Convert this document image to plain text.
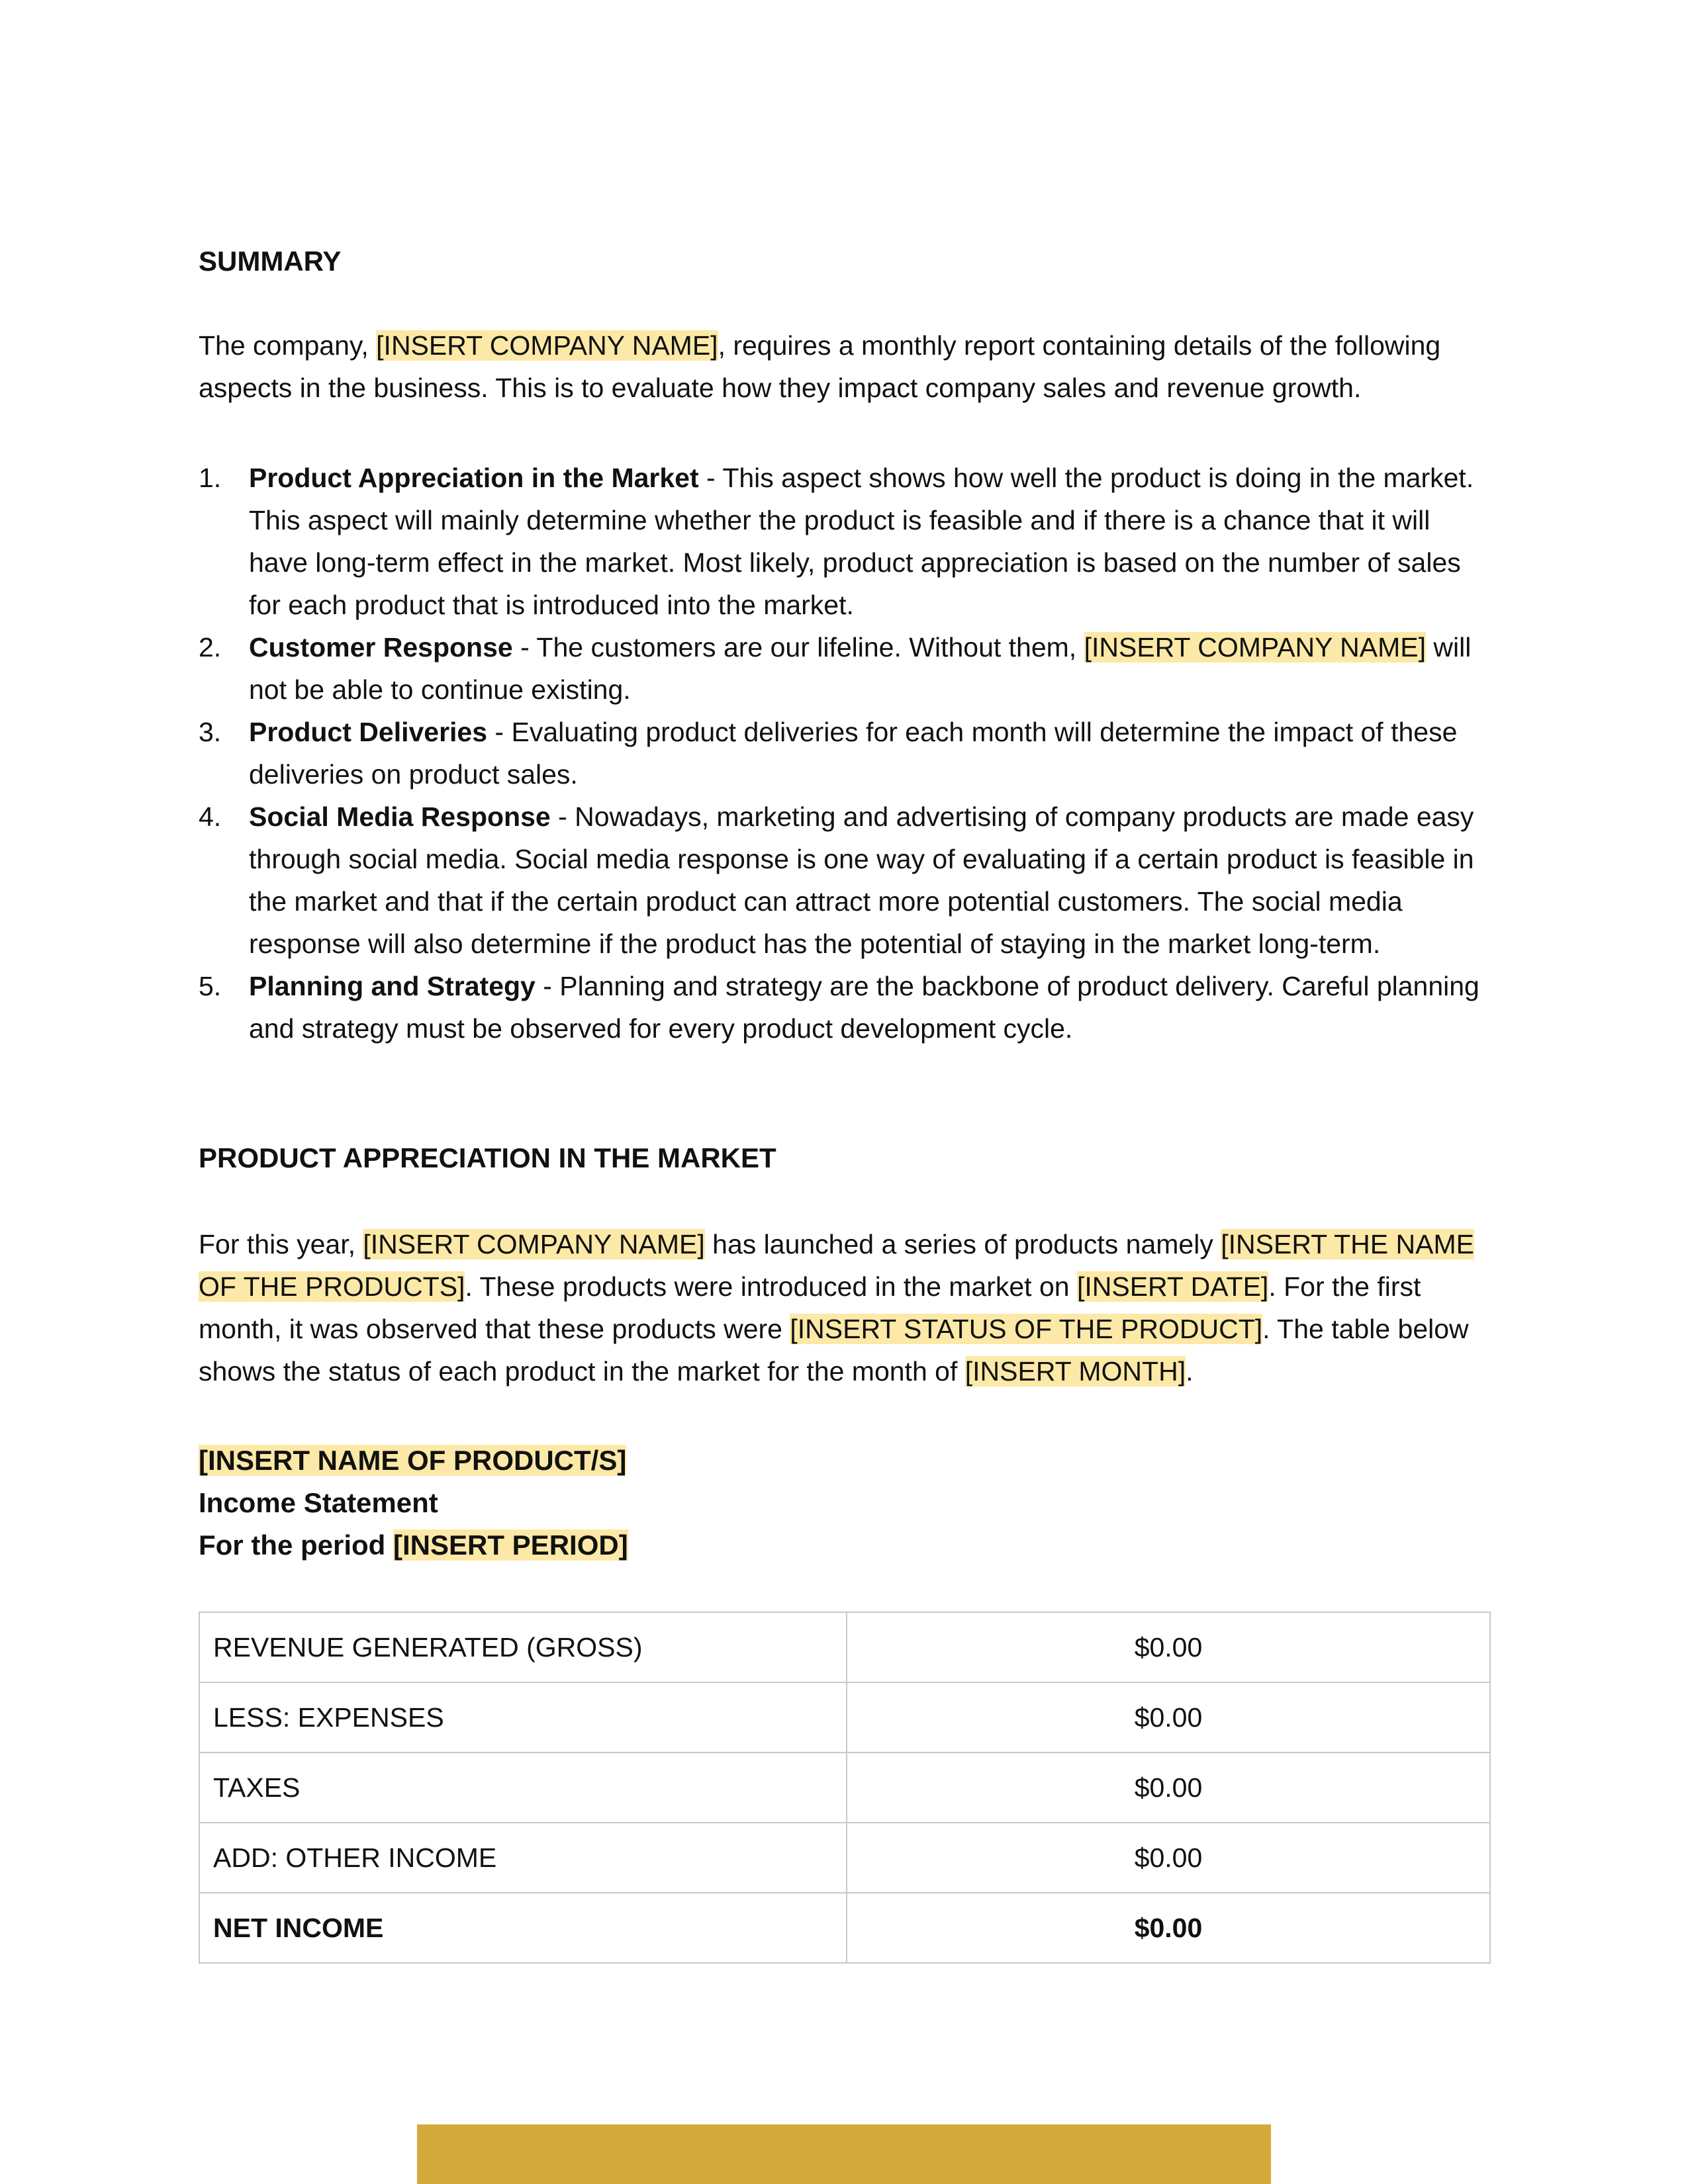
SUMMARY

The company, [INSERT COMPANY NAME], requires a monthly report containing details of the following aspects in the business. This is to evaluate how they impact company sales and revenue growth.

1. Product Appreciation in the Market - This aspect shows how well the product is doing in the market. This aspect will mainly determine whether the product is feasible and if there is a chance that it will have long-term effect in the market. Most likely, product appreciation is based on the number of sales for each product that is introduced into the market.
2. Customer Response - The customers are our lifeline. Without them, [INSERT COMPANY NAME] will not be able to continue existing.
3. Product Deliveries - Evaluating product deliveries for each month will determine the impact of these deliveries on product sales.
4. Social Media Response - Nowadays, marketing and advertising of company products are made easy through social media. Social media response is one way of evaluating if a certain product is feasible in the market and that if the certain product can attract more potential customers. The social media response will also determine if the product has the potential of staying in the market long-term.
5. Planning and Strategy - Planning and strategy are the backbone of product delivery. Careful planning and strategy must be observed for every product development cycle.
PRODUCT APPRECIATION IN THE MARKET

For this year, [INSERT COMPANY NAME] has launched a series of products namely [INSERT THE NAME OF THE PRODUCTS]. These products were introduced in the market on [INSERT DATE]. For the first month, it was observed that these products were [INSERT STATUS OF THE PRODUCT]. The table below shows the status of each product in the market for the month of [INSERT MONTH].

[INSERT NAME OF PRODUCT/S]
Income Statement
For the period [INSERT PERIOD]
REVENUE GENERATED (GROSS)	$0.00
LESS: EXPENSES	$0.00
TAXES	$0.00
ADD: OTHER INCOME	$0.00
NET INCOME	$0.00
